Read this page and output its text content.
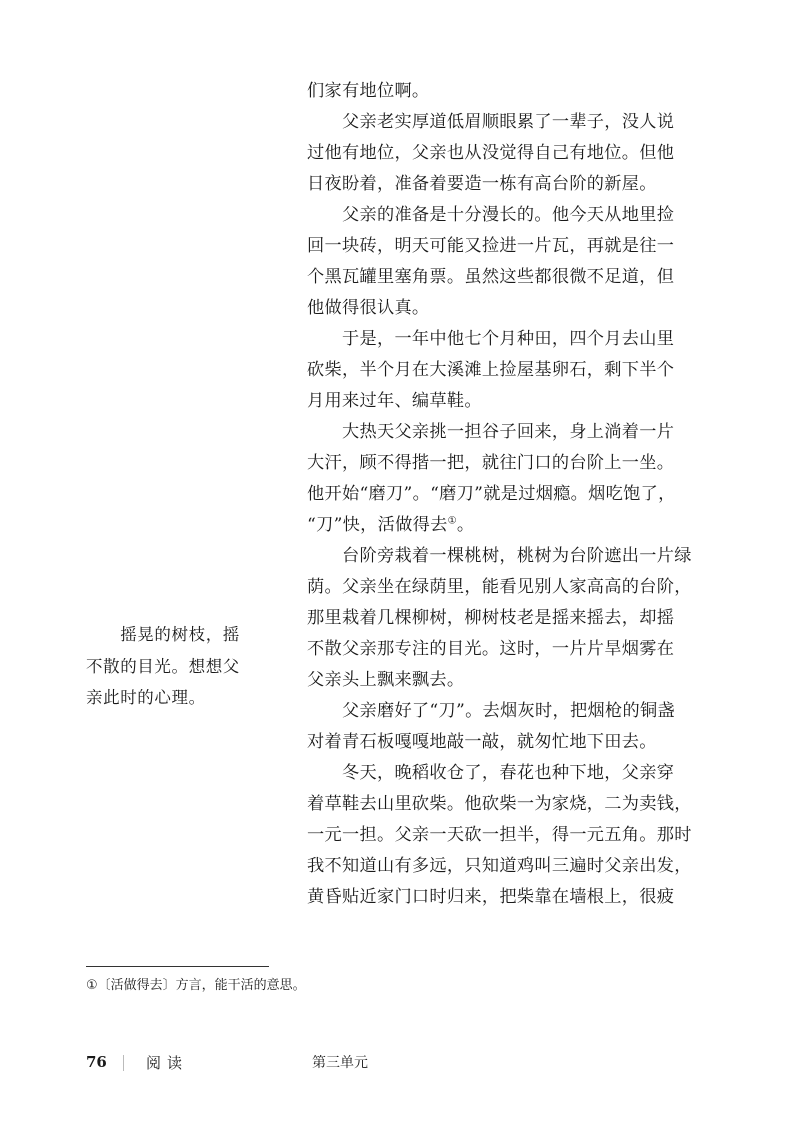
们家有地位啊。
　　父亲老实厚道低眉顺眼累了一辈子，没人说
过他有地位，父亲也从没觉得自己有地位。但他
日夜盼着，准备着要造一栋有高台阶的新屋。
　　父亲的准备是十分漫长的。他今天从地里捡
回一块砖，明天可能又捡进一片瓦，再就是往一
个黑瓦罐里塞角票。虽然这些都很微不足道，但
他做得很认真。
　　于是，一年中他七个月种田，四个月去山里
砍柴，半个月在大溪滩上捡屋基卵石，剩下半个
月用来过年、编草鞋。
　　大热天父亲挑一担谷子回来，身上淌着一片
大汗，顾不得揩一把，就往门口的台阶上一坐。
他开始“磨刀”。“磨刀”就是过烟瘾。烟吃饱了，
“刀”快，活做得去①。
　　台阶旁栽着一棵桃树，桃树为台阶遮出一片绿
荫。父亲坐在绿荫里，能看见别人家高高的台阶，
那里栽着几棵柳树，柳树枝老是摇来摇去，却摇
不散父亲那专注的目光。这时，一片片旱烟雾在
父亲头上飘来飘去。
　　父亲磨好了“刀”。去烟灰时，把烟枪的铜盏
对着青石板嘎嘎地敲一敲，就匆忙地下田去。
　　冬天，晚稻收仓了，春花也种下地，父亲穿
着草鞋去山里砍柴。他砍柴一为家烧，二为卖钱，
一元一担。父亲一天砍一担半，得一元五角。那时
我不知道山有多远，只知道鸡叫三遍时父亲出发，
黄昏贴近家门口时归来，把柴靠在墙根上，很疲
　　摇晃的树枝，摇
不散的目光。想想父
亲此时的心理。
①〔活做得去〕方言，能干活的意思。
76	阅读	第三单元
